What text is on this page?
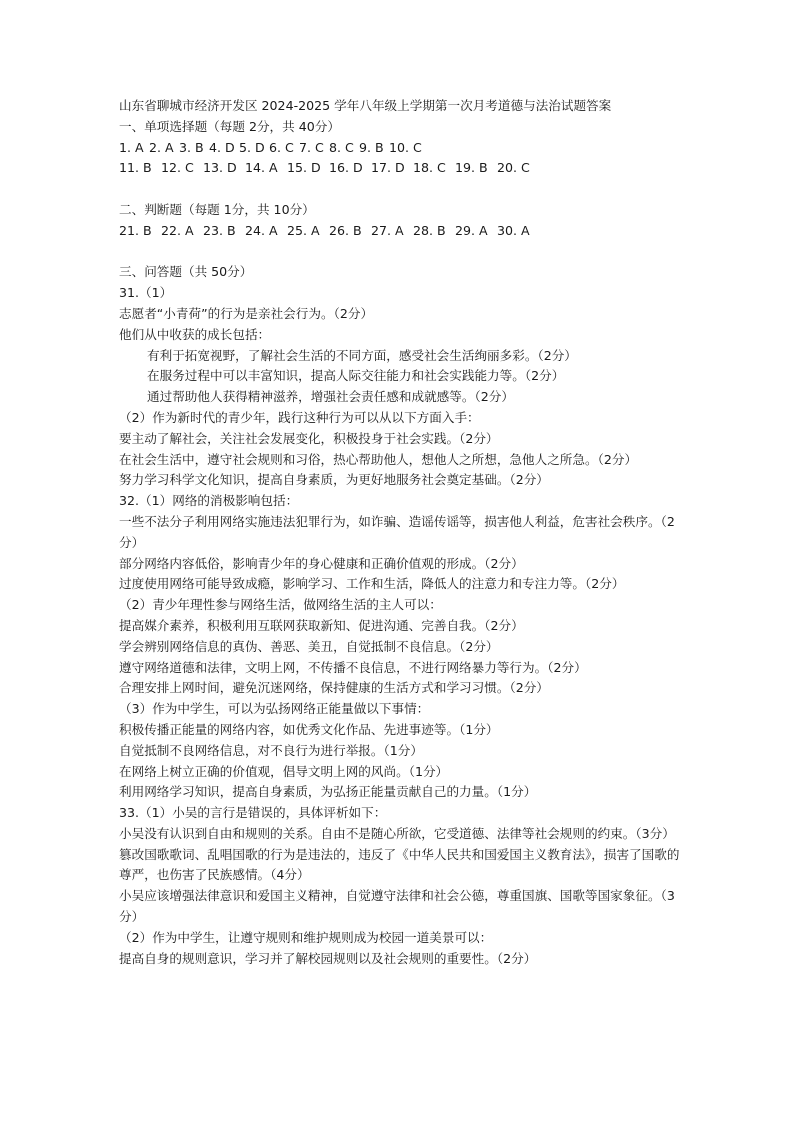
山东省聊城市经济开发区 2024-2025 学年八年级上学期第一次月考道德与法治试题答案
一、单项选择题（每题 2分，共 40分）
1. A 2. A 3. B 4. D 5. D 6. C 7. C 8. C 9. B 10. C
11. B 12. C 13. D 14. A 15. D 16. D 17. D 18. C 19. B 20. C
二、判断题（每题 1分，共 10分）
21. B 22. A 23. B 24. A 25. A 26. B 27. A 28. B 29. A 30. A
三、问答题（共 50分）
31.（1）
志愿者“小青荷”的行为是亲社会行为。（2分）
他们从中收获的成长包括：
有利于拓宽视野，了解社会生活的不同方面，感受社会生活绚丽多彩。（2分）
在服务过程中可以丰富知识，提高人际交往能力和社会实践能力等。（2分）
通过帮助他人获得精神滋养，增强社会责任感和成就感等。（2分）
（2）作为新时代的青少年，践行这种行为可以从以下方面入手：
要主动了解社会，关注社会发展变化，积极投身于社会实践。（2分）
在社会生活中，遵守社会规则和习俗，热心帮助他人，想他人之所想，急他人之所急。（2分）
努力学习科学文化知识，提高自身素质，为更好地服务社会奠定基础。（2分）
32.（1）网络的消极影响包括：
一些不法分子利用网络实施违法犯罪行为，如诈骗、造谣传谣等，损害他人利益，危害社会秩序。（2分）
部分网络内容低俗，影响青少年的身心健康和正确价值观的形成。（2分）
过度使用网络可能导致成瘾，影响学习、工作和生活，降低人的注意力和专注力等。（2分）
（2）青少年理性参与网络生活，做网络生活的主人可以：
提高媒介素养，积极利用互联网获取新知、促进沟通、完善自我。（2分）
学会辨别网络信息的真伪、善恶、美丑，自觉抵制不良信息。（2分）
遵守网络道德和法律，文明上网，不传播不良信息，不进行网络暴力等行为。（2分）
合理安排上网时间，避免沉迷网络，保持健康的生活方式和学习习惯。（2分）
（3）作为中学生，可以为弘扬网络正能量做以下事情：
积极传播正能量的网络内容，如优秀文化作品、先进事迹等。（1分）
自觉抵制不良网络信息，对不良行为进行举报。（1分）
在网络上树立正确的价值观，倡导文明上网的风尚。（1分）
利用网络学习知识，提高自身素质，为弘扬正能量贡献自己的力量。（1分）
33.（1）小吴的言行是错误的，具体评析如下：
小吴没有认识到自由和规则的关系。自由不是随心所欲，它受道德、法律等社会规则的约束。（3分）
篡改国歌歌词、乱唱国歌的行为是违法的，违反了《中华人民共和国爱国主义教育法》，损害了国歌的尊严，也伤害了民族感情。（4分）
小吴应该增强法律意识和爱国主义精神，自觉遵守法律和社会公德，尊重国旗、国歌等国家象征。（3分）
（2）作为中学生，让遵守规则和维护规则成为校园一道美景可以：
提高自身的规则意识，学习并了解校园规则以及社会规则的重要性。（2分）
